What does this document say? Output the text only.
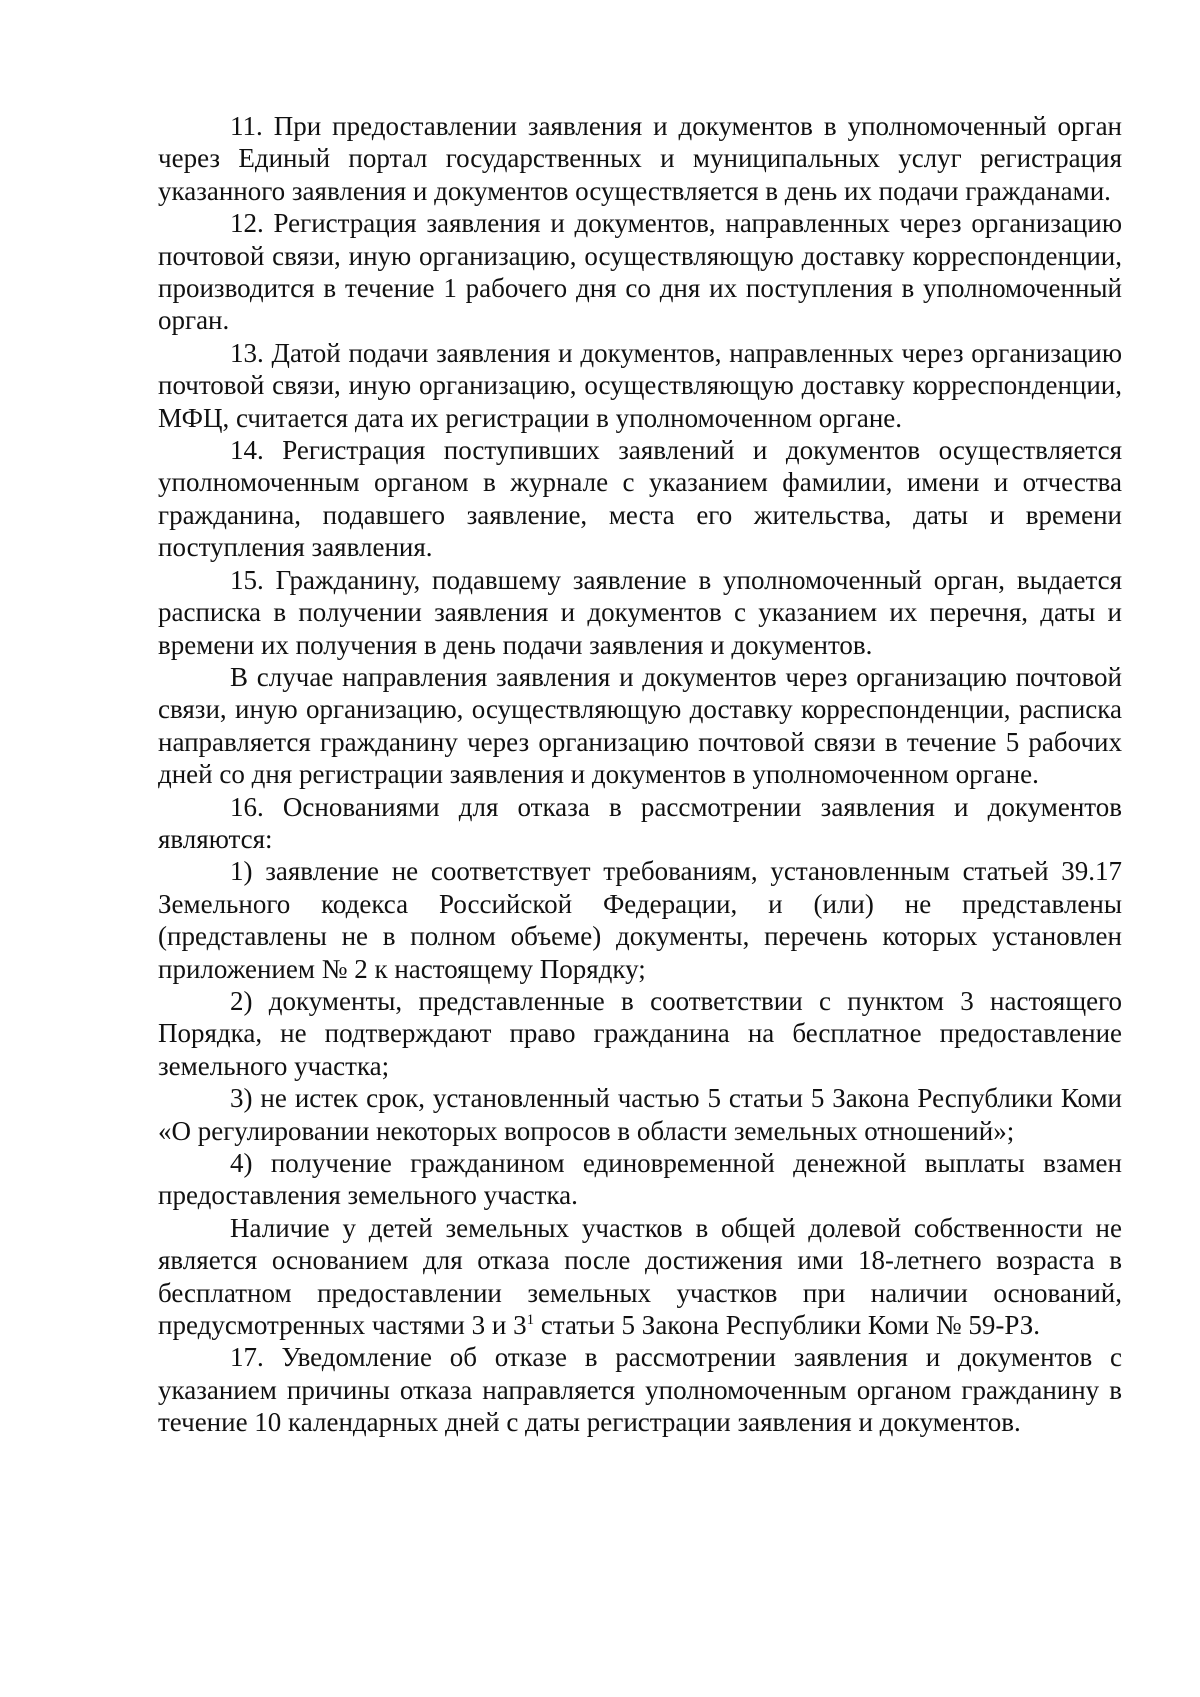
11. При предоставлении заявления и документов в уполномоченный орган через Единый портал государственных и муниципальных услуг регистрация указанного заявления и документов осуществляется в день их подачи гражданами.

12. Регистрация заявления и документов, направленных через организацию почтовой связи, иную организацию, осуществляющую доставку корреспонденции, производится в течение 1 рабочего дня со дня их поступления в уполномоченный орган.

13. Датой подачи заявления и документов, направленных через организацию почтовой связи, иную организацию, осуществляющую доставку корреспонденции, МФЦ, считается дата их регистрации в уполномоченном органе.

14. Регистрация поступивших заявлений и документов осуществляется уполномоченным органом в журнале с указанием фамилии, имени и отчества гражданина, подавшего заявление, места его жительства, даты и времени поступления заявления.

15. Гражданину, подавшему заявление в уполномоченный орган, выдается расписка в получении заявления и документов с указанием их перечня, даты и времени их получения в день подачи заявления и документов.

В случае направления заявления и документов через организацию почтовой связи, иную организацию, осуществляющую доставку корреспонденции, расписка направляется гражданину через организацию почтовой связи в течение 5 рабочих дней со дня регистрации заявления и документов в уполномоченном органе.

16. Основаниями для отказа в рассмотрении заявления и документов являются:

1) заявление не соответствует требованиям, установленным статьей 39.17 Земельного кодекса Российской Федерации, и (или) не представлены (представлены не в полном объеме) документы, перечень которых установлен приложением № 2 к настоящему Порядку;

2) документы, представленные в соответствии с пунктом 3 настоящего Порядка, не подтверждают право гражданина на бесплатное предоставление земельного участка;

3) не истек срок, установленный частью 5 статьи 5 Закона Республики Коми «О регулировании некоторых вопросов в области земельных отношений»;

4) получение гражданином единовременной денежной выплаты взамен предоставления земельного участка.

Наличие у детей земельных участков в общей долевой собственности не является основанием для отказа после достижения ими 18-летнего возраста в бесплатном предоставлении земельных участков при наличии оснований, предусмотренных частями 3 и $3^1$ статьи 5 Закона Республики Коми № 59-РЗ.

17. Уведомление об отказе в рассмотрении заявления и документов с указанием причины отказа направляется уполномоченным органом гражданину в течение 10 календарных дней с даты регистрации заявления и документов.
